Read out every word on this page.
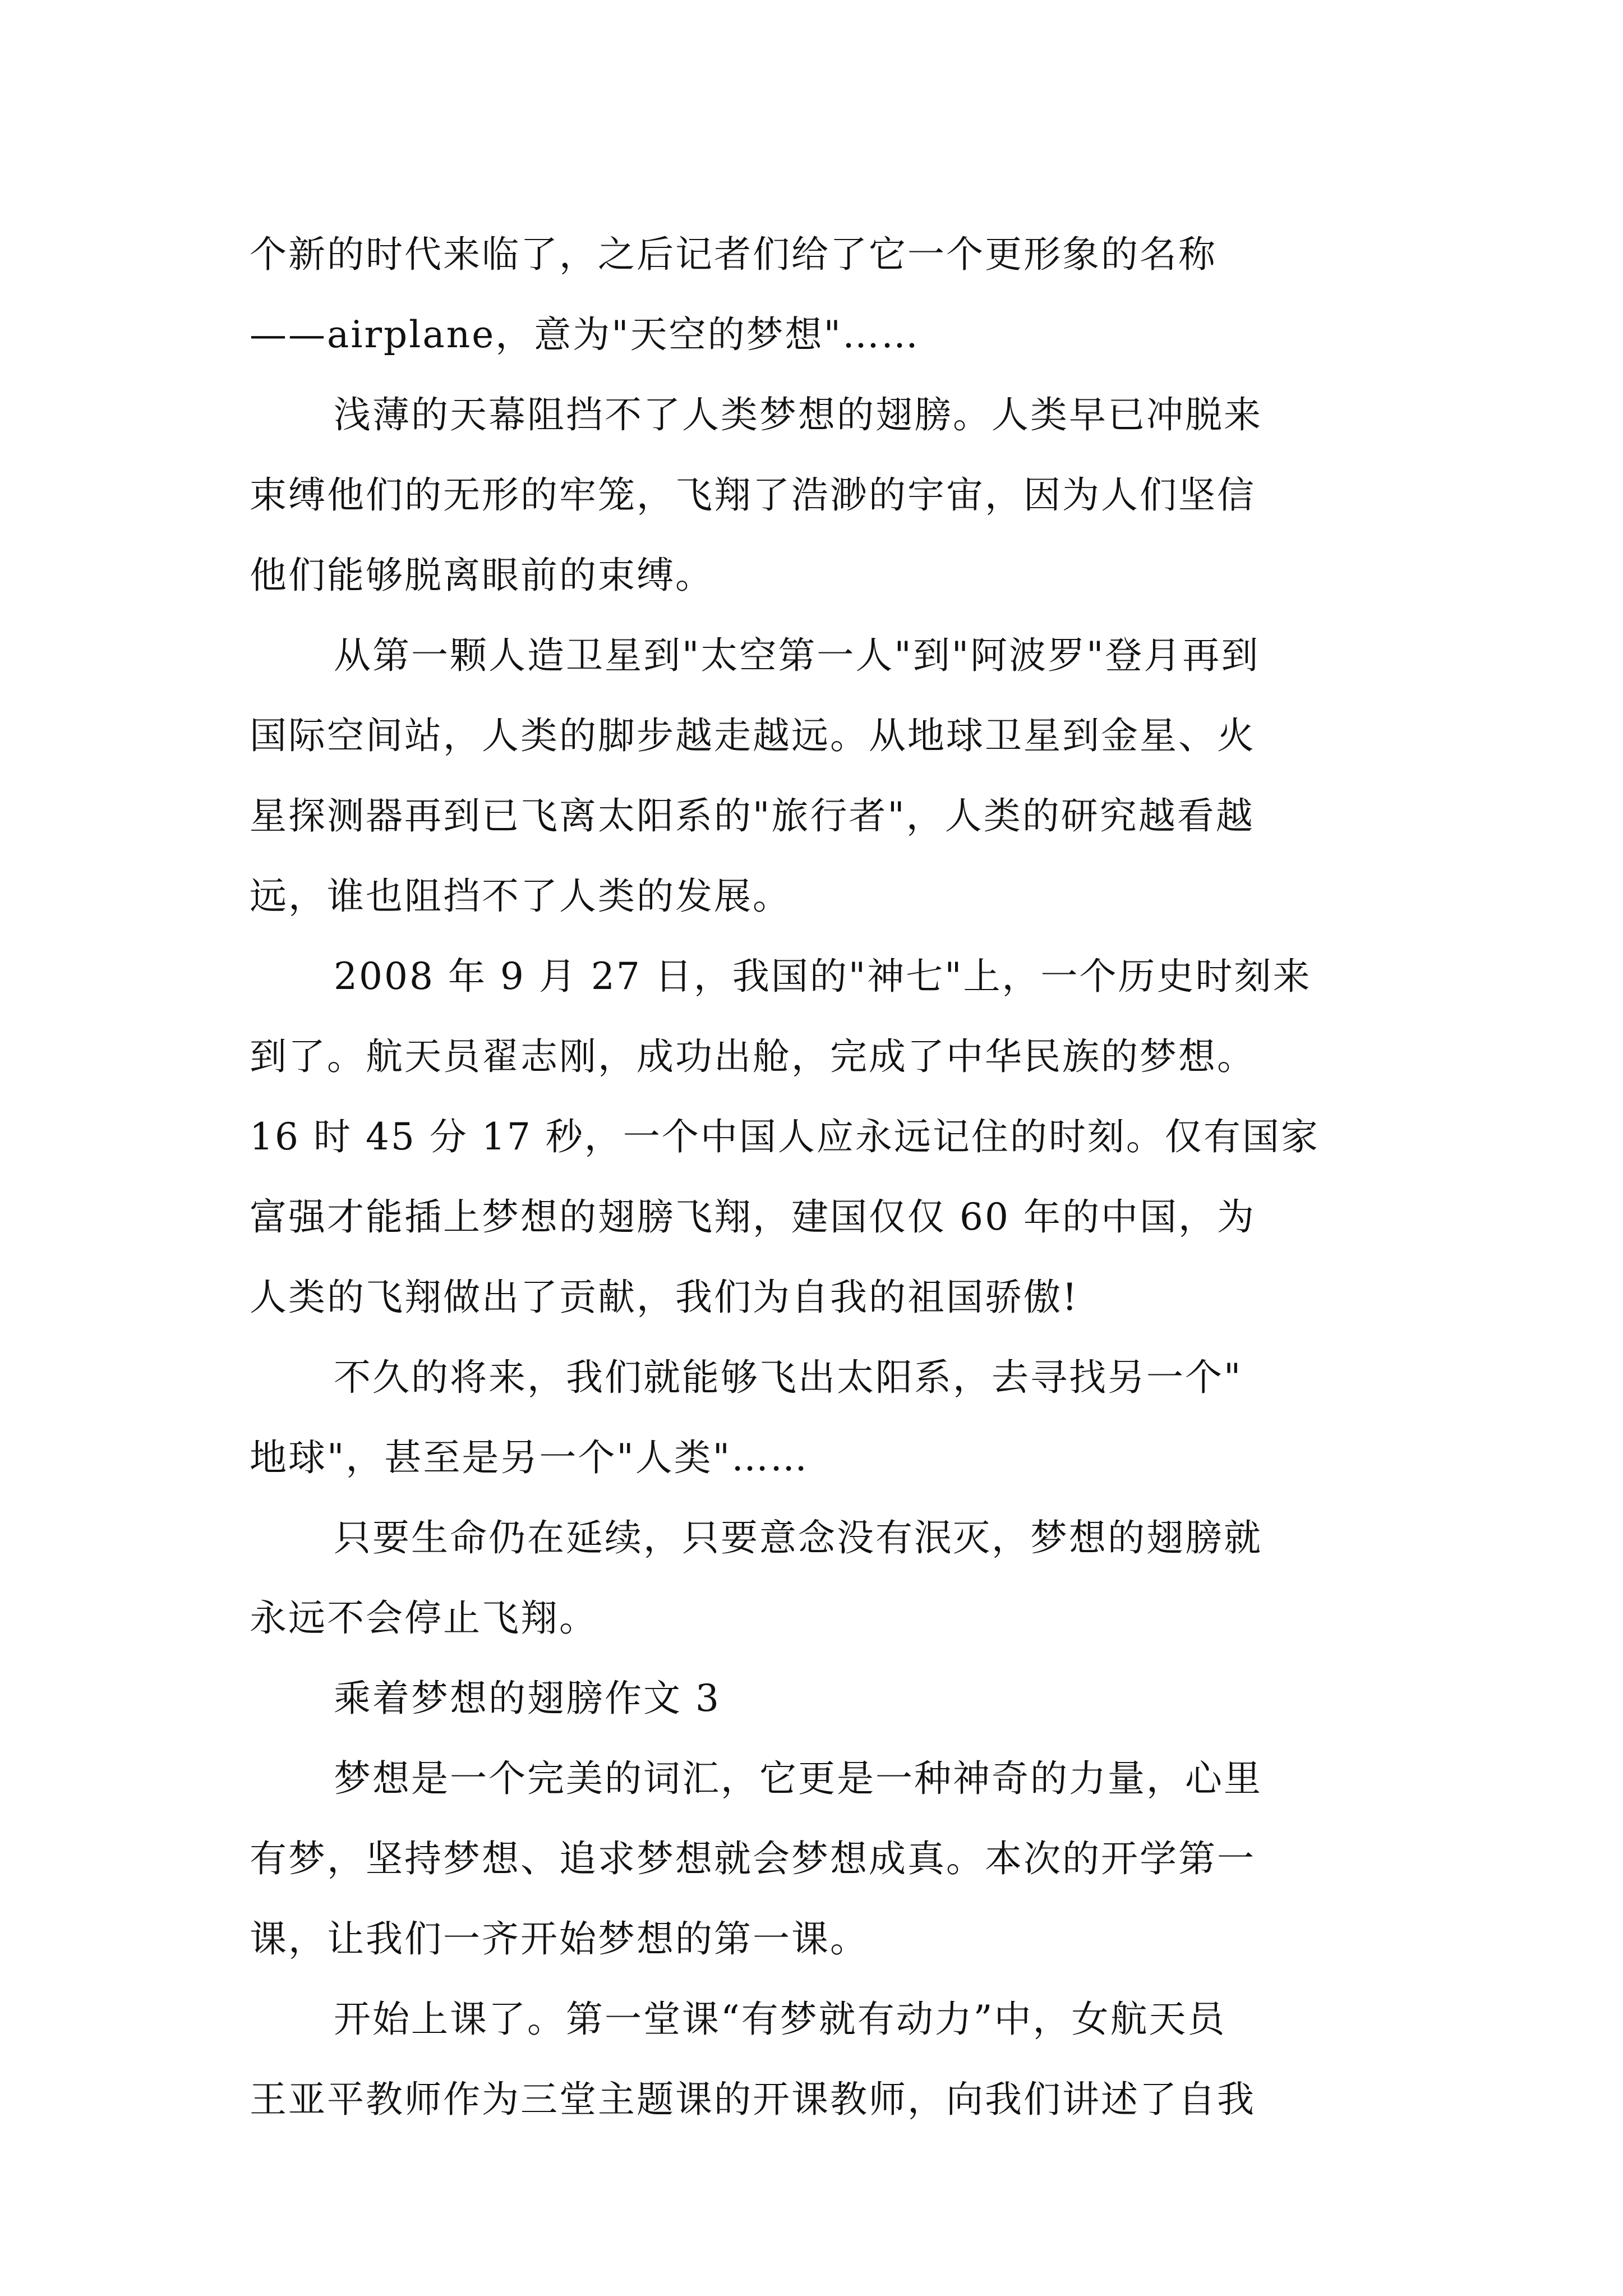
个新的时代来临了，之后记者们给了它一个更形象的名称
——airplane，意为"天空的梦想"……
浅薄的天幕阻挡不了人类梦想的翅膀。人类早已冲脱来
束缚他们的无形的牢笼，飞翔了浩渺的宇宙，因为人们坚信
他们能够脱离眼前的束缚。
从第一颗人造卫星到"太空第一人"到"阿波罗"登月再到
国际空间站，人类的脚步越走越远。从地球卫星到金星、火
星探测器再到已飞离太阳系的"旅行者"，人类的研究越看越
远，谁也阻挡不了人类的发展。
2008 年 9 月 27 日，我国的"神七"上，一个历史时刻来
到了。航天员翟志刚，成功出舱，完成了中华民族的梦想。
16 时 45 分 17 秒，一个中国人应永远记住的时刻。仅有国家
富强才能插上梦想的翅膀飞翔，建国仅仅 60 年的中国，为
人类的飞翔做出了贡献，我们为自我的祖国骄傲!
不久的将来，我们就能够飞出太阳系，去寻找另一个"
地球"，甚至是另一个"人类"……
只要生命仍在延续，只要意念没有泯灭，梦想的翅膀就
永远不会停止飞翔。
乘着梦想的翅膀作文 3
梦想是一个完美的词汇，它更是一种神奇的力量，心里
有梦，坚持梦想、追求梦想就会梦想成真。本次的开学第一
课，让我们一齐开始梦想的第一课。
开始上课了。第一堂课“有梦就有动力”中，女航天员
王亚平教师作为三堂主题课的开课教师，向我们讲述了自我
